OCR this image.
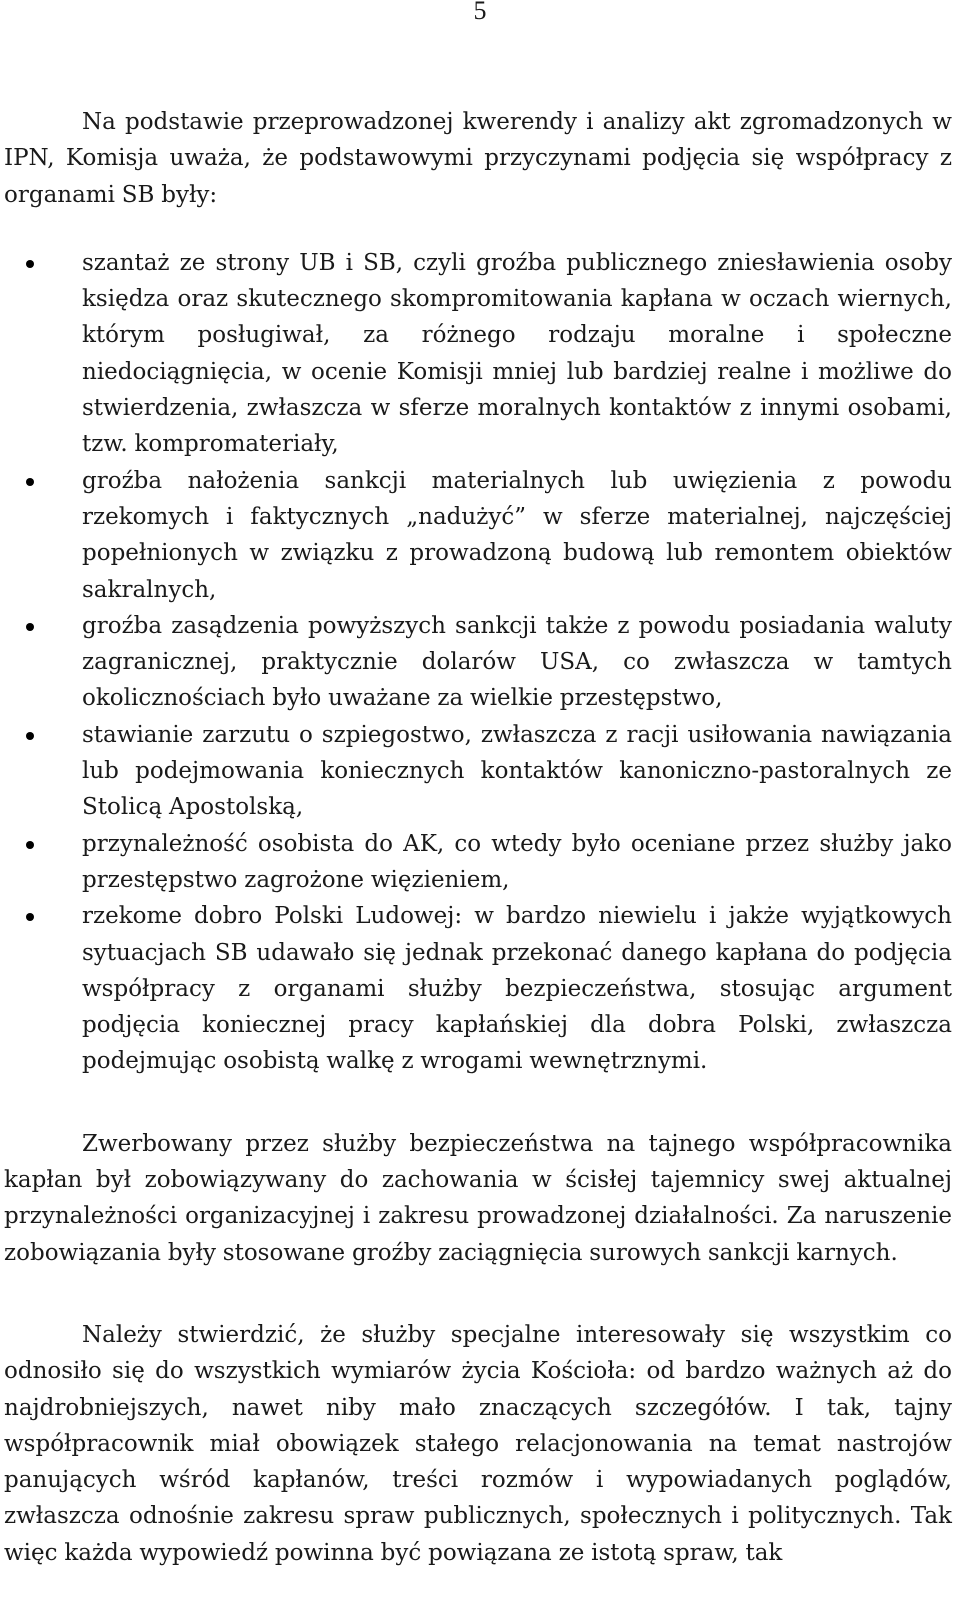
5

Na podstawie przeprowadzonej kwerendy i analizy akt zgromadzonych w IPN, Komisja uważa, że podstawowymi przyczynami podjęcia się współpracy z organami SB były:

szantaż ze strony UB i SB, czyli groźba publicznego zniesławienia osoby księdza oraz skutecznego skompromitowania kapłana w oczach wiernych, którym posługiwał, za różnego rodzaju moralne i społeczne niedociągnięcia, w ocenie Komisji mniej lub bardziej realne i możliwe do stwierdzenia, zwłaszcza w sferze moralnych kontaktów z innymi osobami, tzw. kompromateriały,
groźba nałożenia sankcji materialnych lub uwięzienia z powodu rzekomych i faktycznych „nadużyć” w sferze materialnej, najczęściej popełnionych w związku z prowadzoną budową lub remontem obiektów sakralnych,
groźba zasądzenia powyższych sankcji także z powodu posiadania waluty zagranicznej, praktycznie dolarów USA, co zwłaszcza w tamtych okolicznościach było uważane za wielkie przestępstwo,
stawianie zarzutu o szpiegostwo, zwłaszcza z racji usiłowania nawiązania lub podejmowania koniecznych kontaktów kanoniczno-pastoralnych ze Stolicą Apostolską,
przynależność osobista do AK, co wtedy było oceniane przez służby jako przestępstwo zagrożone więzieniem,
rzekome dobro Polski Ludowej: w bardzo niewielu i jakże wyjątkowych sytuacjach SB udawało się jednak przekonać danego kapłana do podjęcia współpracy z organami służby bezpieczeństwa, stosując argument podjęcia koniecznej pracy kapłańskiej dla dobra Polski, zwłaszcza podejmując osobistą walkę z wrogami wewnętrznymi.

Zwerbowany przez służby bezpieczeństwa na tajnego współpracownika kapłan był zobowiązywany do zachowania w ścisłej tajemnicy swej aktualnej przynależności organizacyjnej i zakresu prowadzonej działalności. Za naruszenie zobowiązania były stosowane groźby zaciągnięcia surowych sankcji karnych.

Należy stwierdzić, że służby specjalne interesowały się wszystkim co odnosiło się do wszystkich wymiarów życia Kościoła: od bardzo ważnych aż do najdrobniejszych, nawet niby mało znaczących szczegółów. I tak, tajny współpracownik miał obowiązek stałego relacjonowania na temat nastrojów panujących wśród kapłanów, treści rozmów i wypowiadanych poglądów, zwłaszcza odnośnie zakresu spraw publicznych, społecznych i politycznych. Tak więc każda wypowiedź powinna być powiązana ze istotą spraw, tak
